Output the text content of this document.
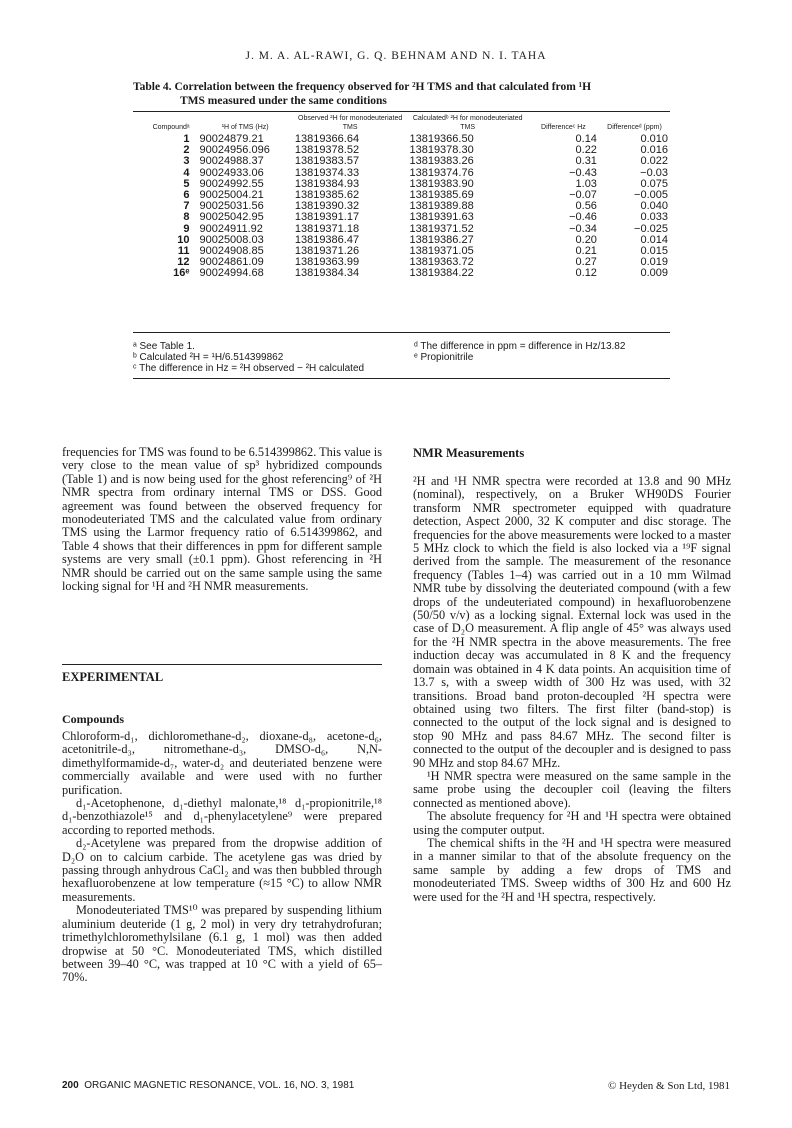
J. M. A. AL-RAWI, G. Q. BEHNAM AND N. I. TAHA
Table 4. Correlation between the frequency observed for ²H TMS and that calculated from ¹H
TMS measured under the same conditions
Compoundᵃ	¹H of TMS (Hz)	Observed ²H for monodeuteriated TMS	Calculatedᵇ ²H for monodeuteriated TMS	Differenceᶜ Hz	Differenceᵈ (ppm)
1	90024879.21	13819366.64	13819366.50	0.14	0.010
2	90024956.096	13819378.52	13819378.30	0.22	0.016
3	90024988.37	13819383.57	13819383.26	0.31	0.022
4	90024933.06	13819374.33	13819374.76	−0.43	−0.03
5	90024992.55	13819384.93	13819383.90	1.03	0.075
6	90025004.21	13819385.62	13819385.69	−0.07	−0.005
7	90025031.56	13819390.32	13819389.88	0.56	0.040
8	90025042.95	13819391.17	13819391.63	−0.46	0.033
9	90024911.92	13819371.18	13819371.52	−0.34	−0.025
10	90025008.03	13819386.47	13819386.27	0.20	0.014
11	90024908.85	13819371.26	13819371.05	0.21	0.015
12	90024861.09	13819363.99	13819363.72	0.27	0.019
16ᵉ	90024994.68	13819384.34	13819384.22	0.12	0.009
ᵃ See Table 1.
ᵇ Calculated ²H = ¹H/6.514399862
ᶜ The difference in Hz = ²H observed − ²H calculated
ᵈ The difference in ppm = difference in Hz/13.82
ᵉ Propionitrile

frequencies for TMS was found to be 6.514399862. This value is very close to the mean value of sp³ hybridized compounds (Table 1) and is now being used for the ghost referencing⁹ of ²H NMR spectra from ordinary internal TMS or DSS. Good agreement was found between the observed frequency for monodeuteriated TMS and the calculated value from ordinary TMS using the Larmor frequency ratio of 6.514399862, and Table 4 shows that their differences in ppm for different sample systems are very small (±0.1 ppm). Ghost referencing in ²H NMR should be carried out on the same sample using the same locking signal for ¹H and ²H NMR measurements.

EXPERIMENTAL
Compounds

Chloroform-d₁, dichloromethane-d₂, dioxane-d₈, acetone-d₆, acetonitrile-d₃, nitromethane-d₃, DMSO-d₆, N,N-dimethylformamide-d₇, water-d₂ and deuteriated benzene were commercially available and were used with no further purification.

d₁-Acetophenone, d₁-diethyl malonate,¹⁸ d₁-propionitrile,¹⁸ d₁-benzothiazole¹⁵ and d₁-phenylacetylene⁹ were prepared according to reported methods.

d₂-Acetylene was prepared from the dropwise addition of D₂O on to calcium carbide. The acetylene gas was dried by passing through anhydrous CaCl₂ and was then bubbled through hexafluorobenzene at low temperature (≈15 °C) to allow NMR measurements.

Monodeuteriated TMS¹⁰ was prepared by suspending lithium aluminium deuteride (1 g, 2 mol) in very dry tetrahydrofuran; trimethylchloromethylsilane (6.1 g, 1 mol) was then added dropwise at 50 °C. Monodeuteriated TMS, which distilled between 39–40 °C, was trapped at 10 °C with a yield of 65–70%.

NMR Measurements

²H and ¹H NMR spectra were recorded at 13.8 and 90 MHz (nominal), respectively, on a Bruker WH90DS Fourier transform NMR spectrometer equipped with quadrature detection, Aspect 2000, 32 K computer and disc storage. The frequencies for the above measurements were locked to a master 5 MHz clock to which the field is also locked via a ¹⁹F signal derived from the sample. The measurement of the resonance frequency (Tables 1–4) was carried out in a 10 mm Wilmad NMR tube by dissolving the deuteriated compound (with a few drops of the undeuteriated compound) in hexafluorobenzene (50/50 v/v) as a locking signal. External lock was used in the case of D₂O measurement. A flip angle of 45° was always used for the ²H NMR spectra in the above measurements. The free induction decay was accumulated in 8 K and the frequency domain was obtained in 4 K data points. An acquisition time of 13.7 s, with a sweep width of 300 Hz was used, with 32 transitions. Broad band proton-decoupled ²H spectra were obtained using two filters. The first filter (band-stop) is connected to the output of the lock signal and is designed to stop 90 MHz and pass 84.67 MHz. The second filter is connected to the output of the decoupler and is designed to pass 90 MHz and stop 84.67 MHz.

¹H NMR spectra were measured on the same sample in the same probe using the decoupler coil (leaving the filters connected as mentioned above).

The absolute frequency for ²H and ¹H spectra were obtained using the computer output.

The chemical shifts in the ²H and ¹H spectra were measured in a manner similar to that of the absolute frequency on the same sample by adding a few drops of TMS and monodeuteriated TMS. Sweep widths of 300 Hz and 600 Hz were used for the ²H and ¹H spectra, respectively.

200 ORGANIC MAGNETIC RESONANCE, VOL. 16, NO. 3, 1981	© Heyden & Son Ltd, 1981
